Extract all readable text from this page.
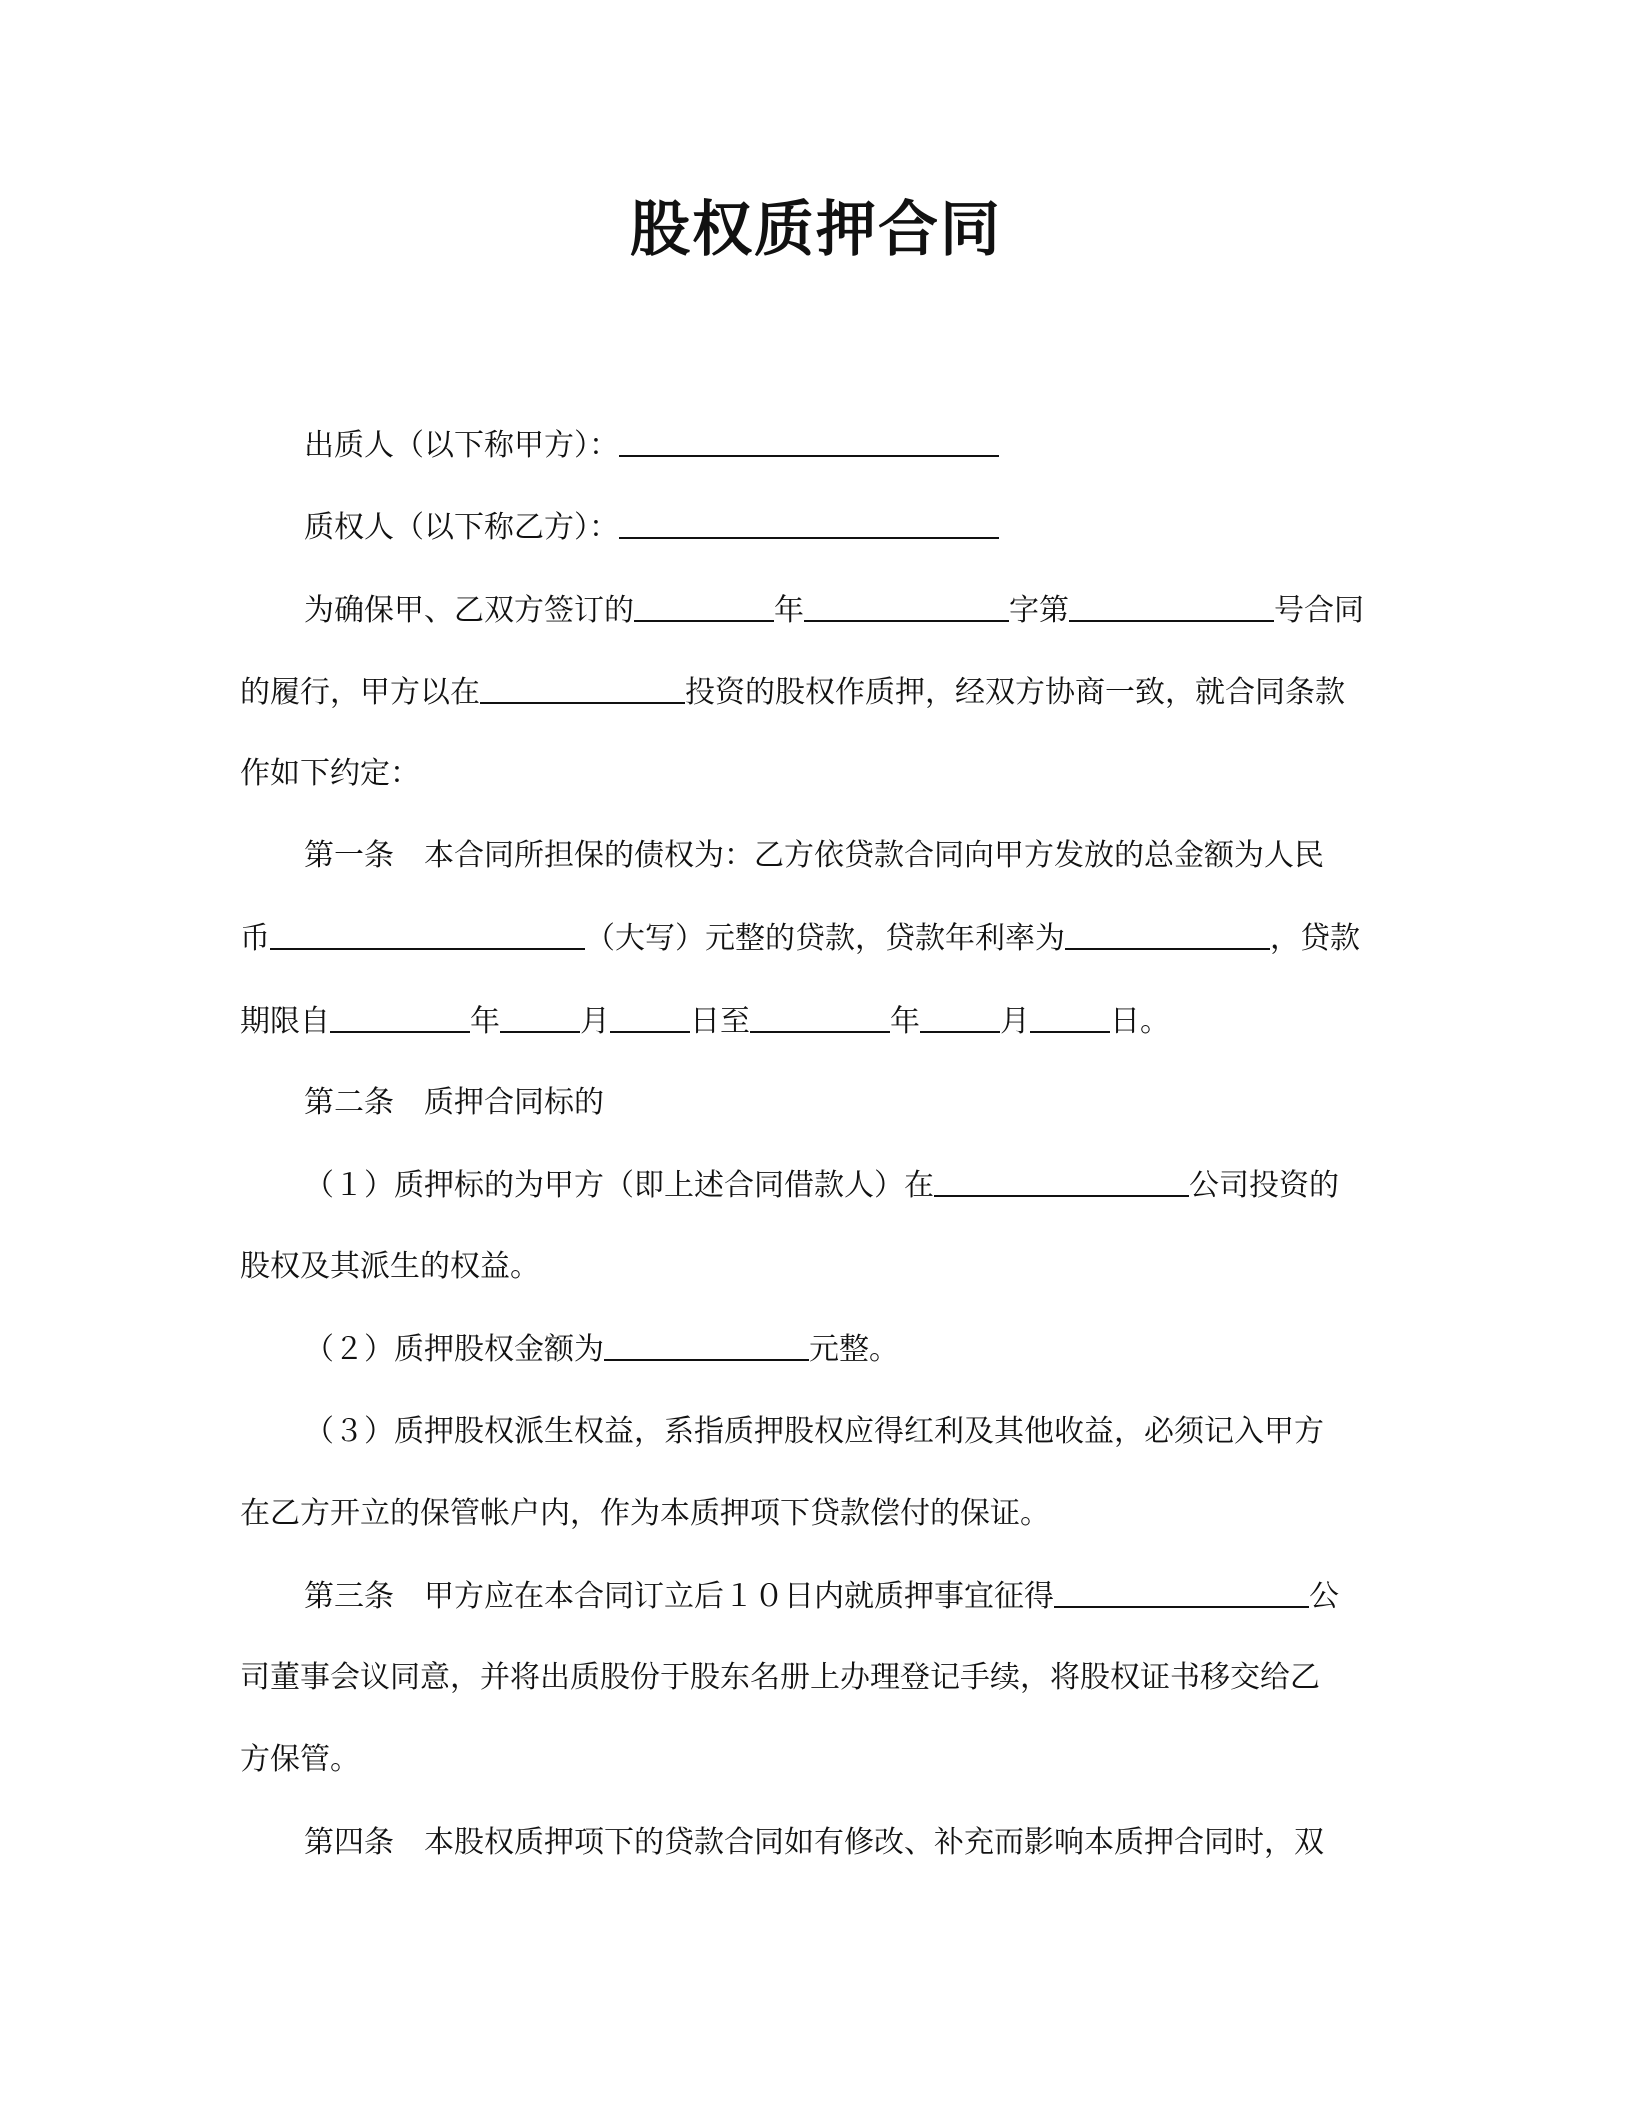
股权质押合同
出质人（以下称甲方）：
质权人（以下称乙方）：
为确保甲、乙双方签订的	年	字第	号合同
的履行，甲方以在	投资的股权作质押，经双方协商一致，就合同条款
作如下约定：
第一条　本合同所担保的债权为：乙方依贷款合同向甲方发放的总金额为人民
币	（大写）元整的贷款，贷款年利率为	，贷款
期限自	年	月	日至	年	月	日。
第二条　质押合同标的
（１）质押标的为甲方（即上述合同借款人）在	公司投资的
股权及其派生的权益。
（２）质押股权金额为	元整。
（３）质押股权派生权益，系指质押股权应得红利及其他收益，必须记入甲方
在乙方开立的保管帐户内，作为本质押项下贷款偿付的保证。
第三条　甲方应在本合同订立后１０日内就质押事宜征得	公
司董事会议同意，并将出质股份于股东名册上办理登记手续，将股权证书移交给乙
方保管。
第四条　本股权质押项下的贷款合同如有修改、补充而影响本质押合同时，双
